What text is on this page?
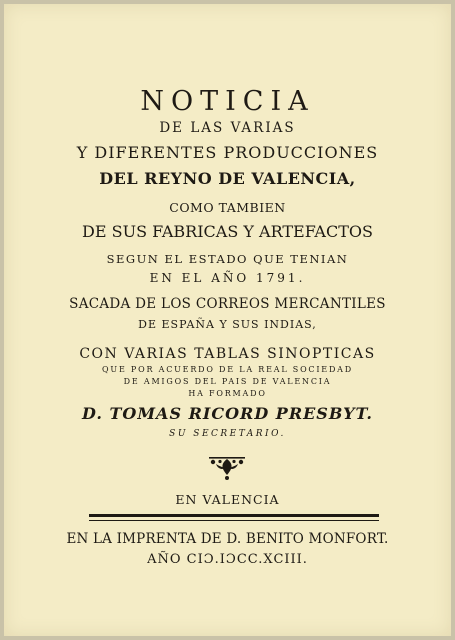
NOTICIA
DE LAS VARIAS
Y DIFERENTES PRODUCCIONES
DEL REYNO DE VALENCIA,
COMO TAMBIEN
DE SUS FABRICAS Y ARTEFACTOS
SEGUN EL ESTADO QUE TENIAN
EN EL AÑO 1791.
SACADA DE LOS CORREOS MERCANTILES
DE ESPAÑA Y SUS INDIAS,
CON VARIAS TABLAS SINOPTICAS
QUE POR ACUERDO DE LA REAL SOCIEDAD
DE AMIGOS DEL PAIS DE VALENCIA
HA FORMADO
D. TOMAS RICORD PRESBYT.
SU SECRETARIO.
EN VALENCIA
EN LA IMPRENTA DE D. BENITO MONFORT.
AÑO CIƆ.IƆCC.XCIII.
